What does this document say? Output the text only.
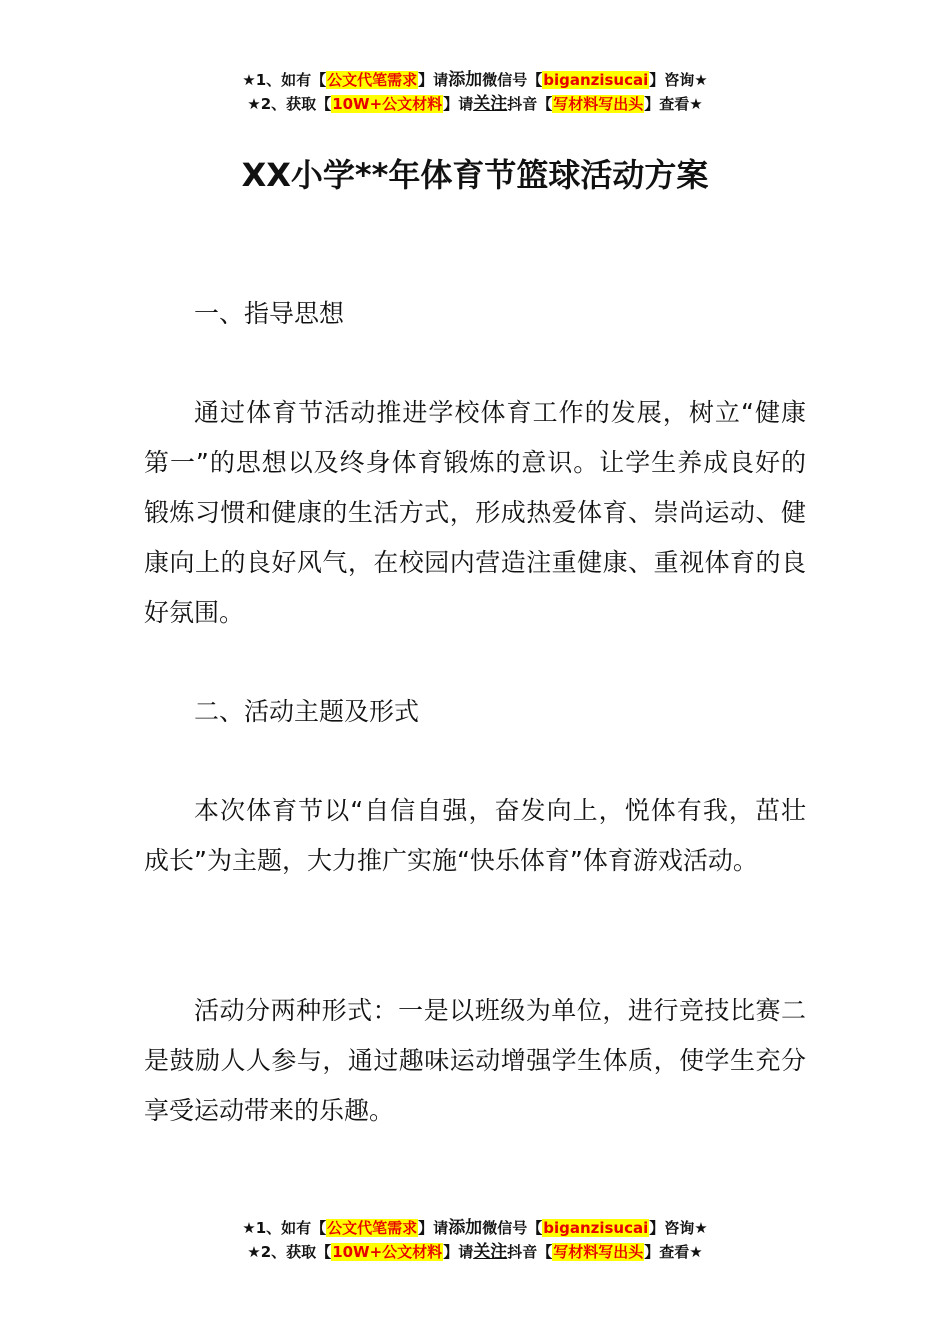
★1、如有【公文代笔需求】请添加微信号【biganzisucai】咨询★
★2、获取【10W+公文材料】请关注抖音【写材料写出头】查看★
XX小学**年体育节篮球活动方案
一、指导思想

通过体育节活动推进学校体育工作的发展，树立“健康第一”的思想以及终身体育锻炼的意识。让学生养成良好的锻炼习惯和健康的生活方式，形成热爱体育、崇尚运动、健康向上的良好风气，在校园内营造注重健康、重视体育的良好氛围。

二、活动主题及形式

本次体育节以“自信自强，奋发向上，悦体有我，茁壮成长”为主题，大力推广实施“快乐体育”体育游戏活动。

活动分两种形式：一是以班级为单位，进行竞技比赛二是鼓励人人参与，通过趣味运动增强学生体质，使学生充分享受运动带来的乐趣。

★1、如有【公文代笔需求】请添加微信号【biganzisucai】咨询★
★2、获取【10W+公文材料】请关注抖音【写材料写出头】查看★
